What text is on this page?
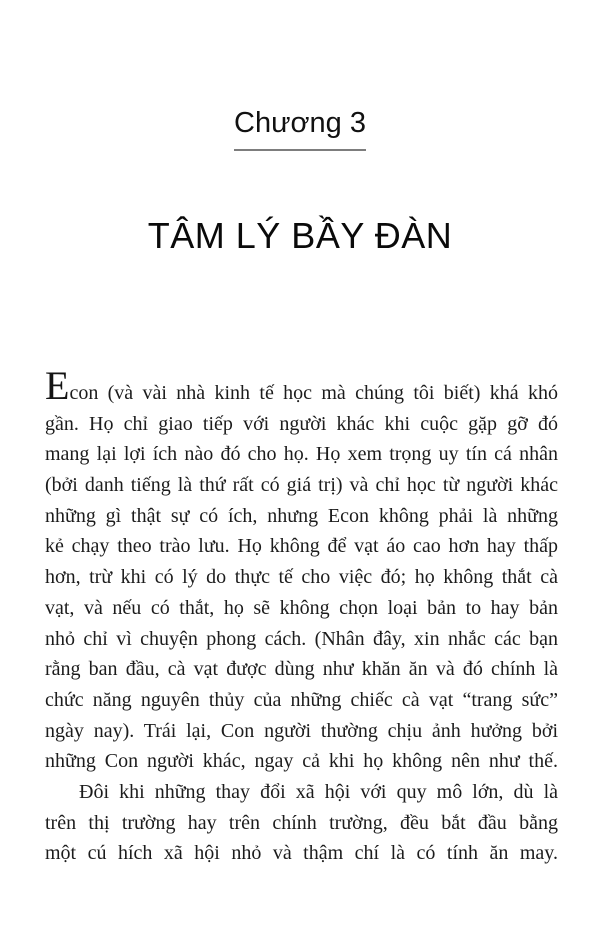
Chương 3
TÂM LÝ BẦY ĐÀN
Econ (và vài nhà kinh tế học mà chúng tôi biết) khá khó
gần. Họ chỉ giao tiếp với người khác khi cuộc gặp gỡ đó
mang lại lợi ích nào đó cho họ. Họ xem trọng uy tín cá nhân
(bởi danh tiếng là thứ rất có giá trị) và chỉ học từ người khác
những gì thật sự có ích, nhưng Econ không phải là những
kẻ chạy theo trào lưu. Họ không để vạt áo cao hơn hay thấp
hơn, trừ khi có lý do thực tế cho việc đó; họ không thắt cà
vạt, và nếu có thắt, họ sẽ không chọn loại bản to hay bản
nhỏ chỉ vì chuyện phong cách. (Nhân đây, xin nhắc các bạn
rằng ban đầu, cà vạt được dùng như khăn ăn và đó chính là
chức năng nguyên thủy của những chiếc cà vạt “trang sức”
ngày nay). Trái lại, Con người thường chịu ảnh hưởng bởi
những Con người khác, ngay cả khi họ không nên như thế.
Đôi khi những thay đổi xã hội với quy mô lớn, dù là
trên thị trường hay trên chính trường, đều bắt đầu bằng
một cú hích xã hội nhỏ và thậm chí là có tính ăn may.
